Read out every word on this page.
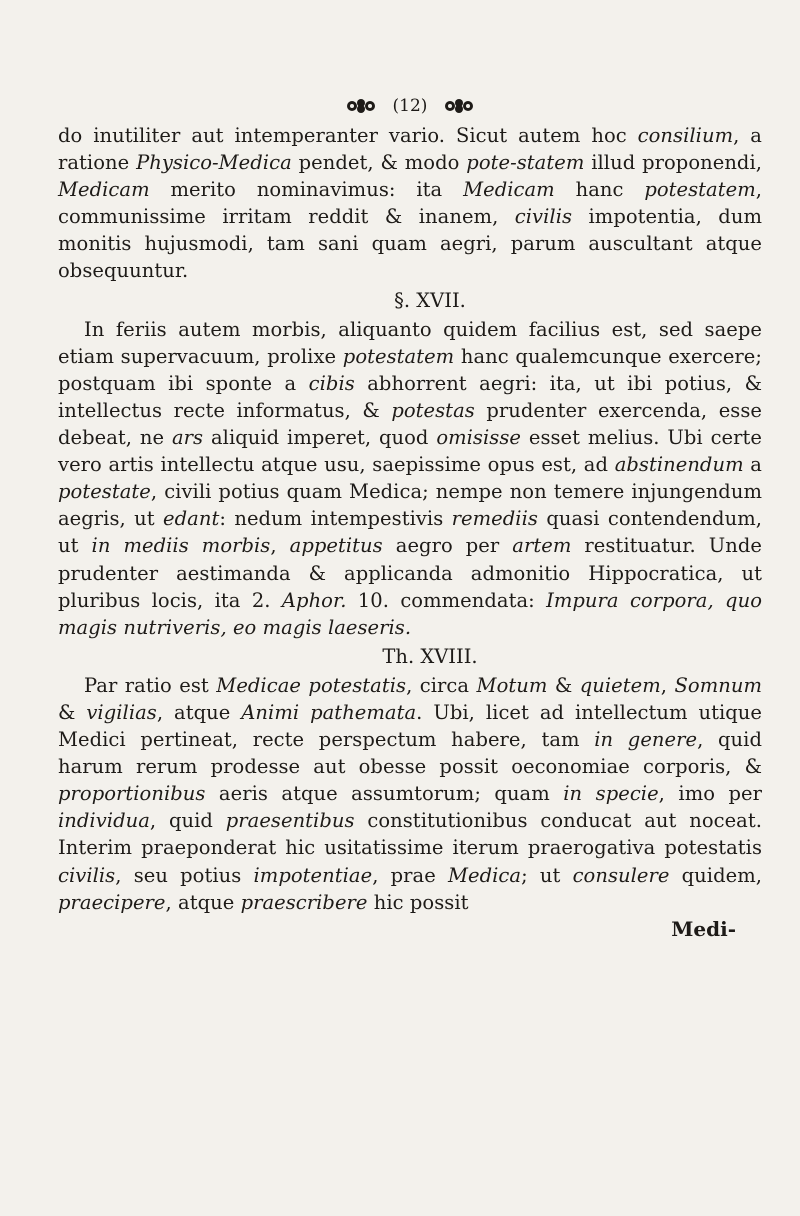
(12)

do inutiliter aut intemperanter vario. Sicut autem hoc consilium, a ratione Physico-Medica pendet, & modo pote-statem illud proponendi, Medicam merito nominavimus: ita Medicam hanc potestatem, communissime irritam reddit & inanem, civilis impotentia, dum monitis hujusmodi, tam sani quam aegri, parum auscultant atque obsequuntur.

§. XVII.

In feriis autem morbis, aliquanto quidem facilius est, sed saepe etiam supervacuum, prolixe potestatem hanc qualemcunque exercere; postquam ibi sponte a cibis abhorrent aegri: ita, ut ibi potius, & intellectus recte informatus, & potestas prudenter exercenda, esse debeat, ne ars aliquid imperet, quod omisisse esset melius. Ubi certe vero artis intellectu atque usu, saepissime opus est, ad abstinendum a potestate, civili potius quam Medica; nempe non temere injungendum aegris, ut edant: nedum intempestivis remediis quasi contendendum, ut in mediis morbis, appetitus aegro per artem restituatur. Unde prudenter aestimanda & applicanda admonitio Hippocratica, ut pluribus locis, ita 2. Aphor. 10. commendata: Impura corpora, quo magis nutriveris, eo magis laeseris.

Th. XVIII.

Par ratio est Medicae potestatis, circa Motum & quietem, Somnum & vigilias, atque Animi pathemata. Ubi, licet ad intellectum utique Medici pertineat, recte perspectum habere, tam in genere, quid harum rerum prodesse aut obesse possit oeconomiae corporis, & proportionibus aeris atque assumtorum; quam in specie, imo per individua, quid praesentibus constitutionibus conducat aut noceat. Interim praeponderat hic usitatissime iterum praerogativa potestatis civilis, seu potius impotentiae, prae Medica; ut consulere quidem, praecipere, atque praescribere hic possit

Medi-
